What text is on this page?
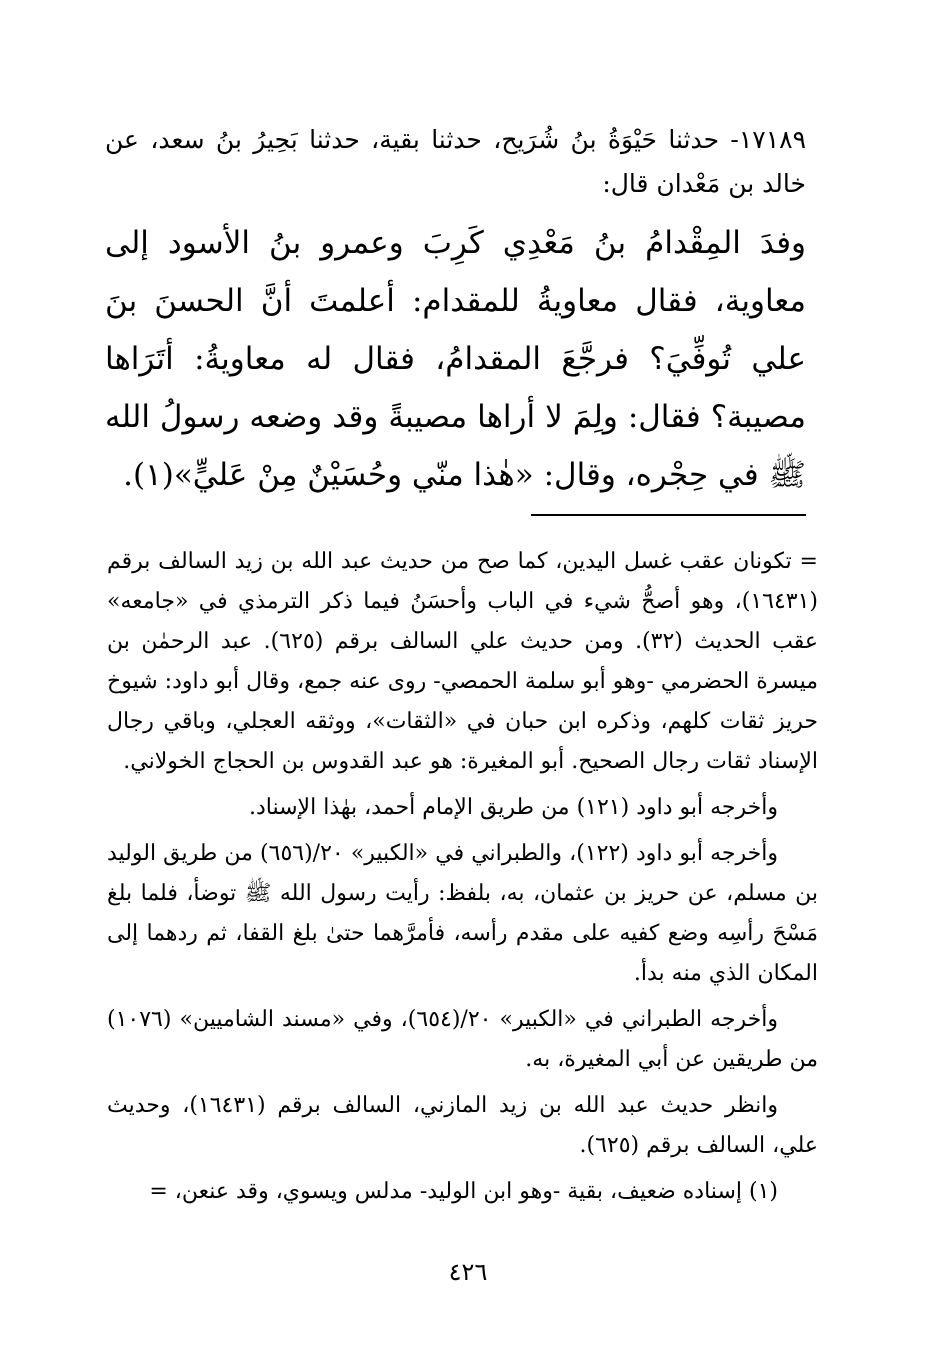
١٧١٨٩- حدثنا حَيْوَةُ بنُ شُرَيح، حدثنا بقية، حدثنا بَحِيرُ بنُ سعد، عن خالد بن مَعْدان قال:
وفدَ المِقْدامُ بنُ مَعْدِي كَرِبَ وعمرو بنُ الأسود إلى معاوية، فقال معاويةُ للمقدام: أعلمتَ أنَّ الحسنَ بنَ علي تُوفِّيَ؟ فرجَّعَ المقدامُ، فقال له معاويةُ: أتَرَاها مصيبة؟ فقال: ولِمَ لا أراها مصيبةً وقد وضعه رسولُ الله ﷺ في حِجْره، وقال: «هٰذا منّي وحُسَيْنٌ مِنْ عَليٍّ»(١).

= تكونان عقب غسل اليدين، كما صح من حديث عبد الله بن زيد السالف برقم (١٦٤٣١)، وهو أصحُّ شيء في الباب وأحسَنُ فيما ذكر الترمذي في «جامعه» عقب الحديث (٣٢). ومن حديث علي السالف برقم (٦٢٥). عبد الرحمٰن بن ميسرة الحضرمي -وهو أبو سلمة الحمصي- روى عنه جمع، وقال أبو داود: شيوخ حريز ثقات كلهم، وذكره ابن حبان في «الثقات»، ووثقه العجلي، وباقي رجال الإسناد ثقات رجال الصحيح. أبو المغيرة: هو عبد القدوس بن الحجاج الخولاني.

وأخرجه أبو داود (١٢١) من طريق الإمام أحمد، بهٰذا الإسناد.

وأخرجه أبو داود (١٢٢)، والطبراني في «الكبير» ٢٠/(٦٥٦) من طريق الوليد بن مسلم، عن حريز بن عثمان، به، بلفظ: رأيت رسول الله ﷺ توضأ، فلما بلغ مَسْحَ رأسِه وضع كفيه على مقدم رأسه، فأمرَّهما حتىٰ بلغ القفا، ثم ردهما إلى المكان الذي منه بدأ.

وأخرجه الطبراني في «الكبير» ٢٠/(٦٥٤)، وفي «مسند الشاميين» (١٠٧٦) من طريقين عن أبي المغيرة، به.

وانظر حديث عبد الله بن زيد المازني، السالف برقم (١٦٤٣١)، وحديث علي، السالف برقم (٦٢٥).

(١) إسناده ضعيف، بقية -وهو ابن الوليد- مدلس ويسوي، وقد عنعن، =

٤٢٦
